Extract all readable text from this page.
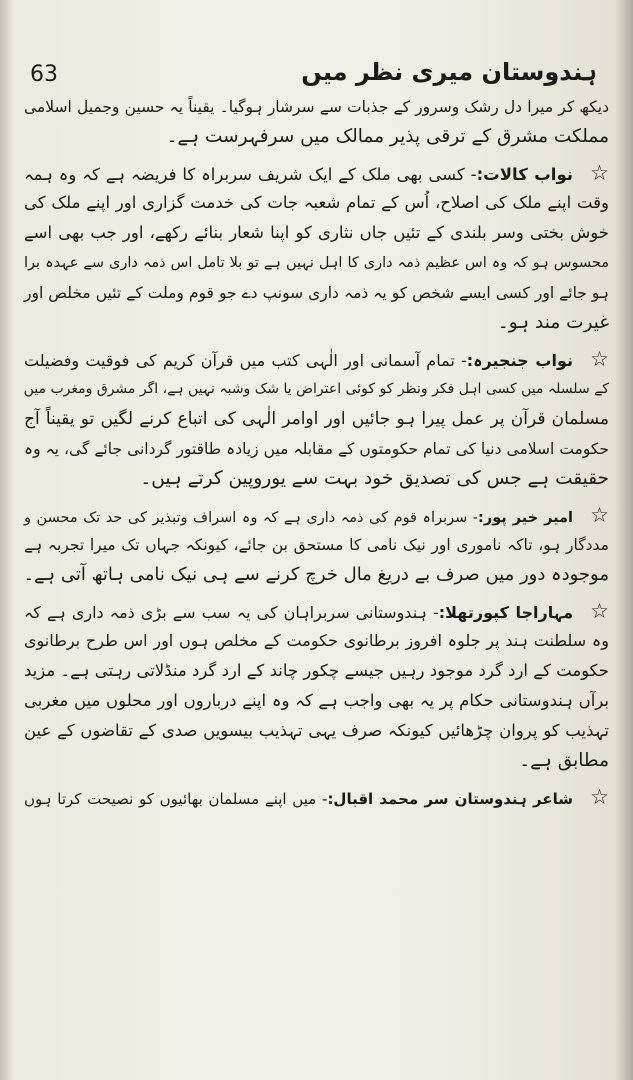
63	ہندوستان میری نظر میں
دیکھ کر میرا دل رشک وسرور کے جذبات سے سرشار ہوگیا۔ یقیناً یہ حسین وجمیل اسلامی
مملکت مشرق کے ترقی پذیر ممالک میں سرفہرست ہے۔
☆نواب کالات:- کسی بھی ملک کے ایک شریف سربراہ کا فریضہ ہے کہ وہ ہمہ
وقت اپنے ملک کی اصلاح، اُس کے تمام شعبہ جات کی خدمت گزاری اور اپنے ملک کی
خوش بختی وسر بلندی کے تئیں جاں نثاری کو اپنا شعار بنائے رکھے، اور جب بھی اسے
محسوس ہو کہ وہ اس عظیم ذمہ داری کا اہل نہیں ہے تو بلا تامل اس ذمہ داری سے عہدہ برا
ہو جائے اور کسی ایسے شخص کو یہ ذمہ داری سونپ دے جو قوم وملت کے تئیں مخلص اور
غیرت مند ہو۔
☆نواب جنجیرہ:- تمام آسمانی اور الٰہی کتب میں قرآن کریم کی فوقیت وفضیلت
کے سلسلہ میں کسی اہل فکر ونظر کو کوئی اعتراض یا شک وشبہ نہیں ہے، اگر مشرق ومغرب میں
مسلمان قرآن پر عمل پیرا ہو جائیں اور اوامر الٰہی کی اتباع کرنے لگیں تو یقیناً آج
حکومت اسلامی دنیا کی تمام حکومتوں کے مقابلہ میں زیادہ طاقتور گردانی جائے گی، یہ وہ
حقیقت ہے جس کی تصدیق خود بہت سے یوروپین کرتے ہیں۔
☆امیر خیر پور:- سربراہ قوم کی ذمہ داری ہے کہ وہ اسراف وتبذیر کی حد تک محسن و
مددگار ہو، تاکہ ناموری اور نیک نامی کا مستحق بن جائے، کیونکہ جہاں تک میرا تجربہ ہے
موجودہ دور میں صرف بے دریغ مال خرچ کرنے سے ہی نیک نامی ہاتھ آتی ہے۔
☆مہاراجا کپورتھلا:- ہندوستانی سربراہان کی یہ سب سے بڑی ذمہ داری ہے کہ
وہ سلطنت ہند پر جلوہ افروز برطانوی حکومت کے مخلص ہوں اور اس طرح برطانوی
حکومت کے ارد گرد موجود رہیں جیسے چکور چاند کے ارد گرد منڈلاتی رہتی ہے۔ مزید
برآں ہندوستانی حکام پر یہ بھی واجب ہے کہ وہ اپنے درباروں اور محلوں میں مغربی
تہذیب کو پروان چڑھائیں کیونکہ صرف یہی تہذیب بیسویں صدی کے تقاضوں کے عین
مطابق ہے۔
☆شاعر ہندوستان سر محمد اقبال:- میں اپنے مسلمان بھائیوں کو نصیحت کرتا ہوں
